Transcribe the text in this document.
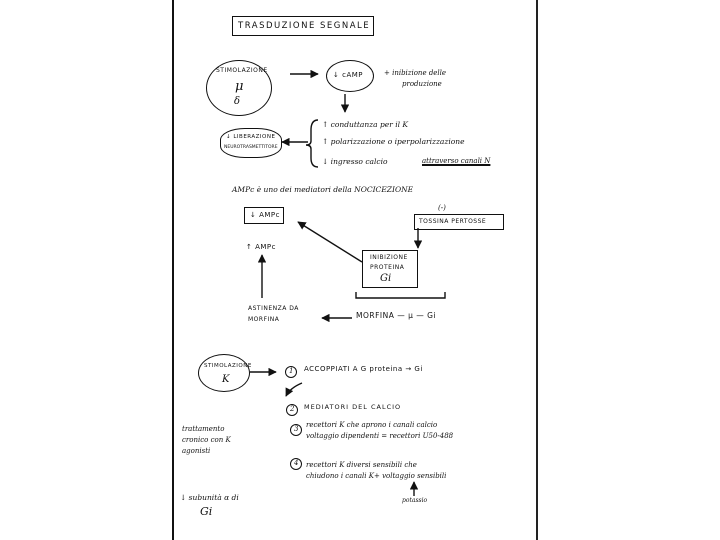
TRASDUZIONE SEGNALE
STIMOLAZIONE
μ
δ
↓ cAMP	+ inibizione delle
produzione
↓ LIBERAZIONE
NEUROTRASMETTITORE
↑ conduttanza per il K
↑ polarizzazione o iperpolarizzazione
↓ ingresso calcio	attraverso canali N
AMPc è uno dei mediatori della NOCICEZIONE
↓ AMPc
↑ AMPc
(-)
TOSSINA PERTOSSE
INIBIZIONE
PROTEINA
Gi
ASTINENZA DA
MORFINA	MORFINA — μ — Gi
STIMOLAZIONE
K
1 ACCOPPIATI A G proteina → Gi
2 MEDIATORI DEL CALCIO
3 recettori K che aprono i canali calcio
voltaggio dipendenti = recettori U50-488
4 recettori K diversi sensibili che
chiudono i canali K+ voltaggio sensibili
potassio
trattamento
cronico con K
agonisti
↓ subunità α di
Gi
